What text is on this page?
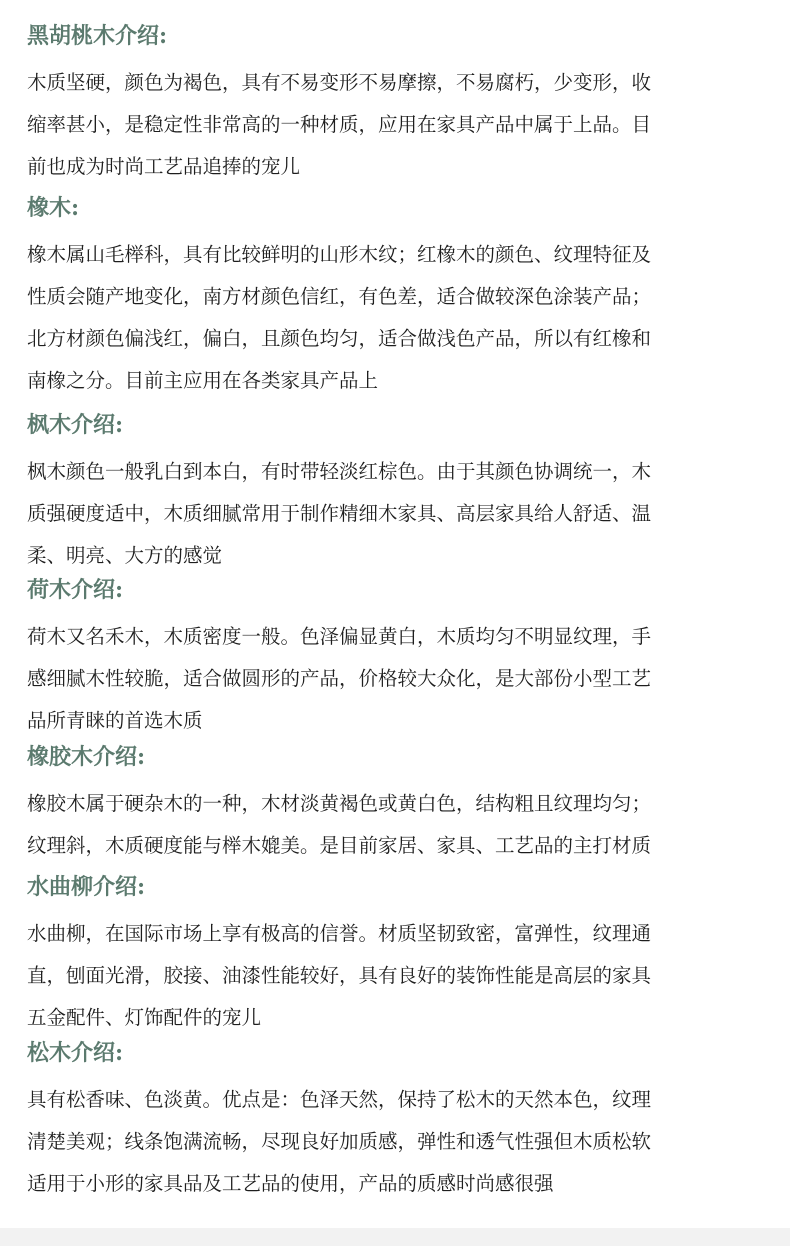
黑胡桃木介绍:
木质坚硬，颜色为褐色，具有不易变形不易摩擦，不易腐朽，少变形，收
缩率甚小，是稳定性非常高的一种材质，应用在家具产品中属于上品。目
前也成为时尚工艺品追捧的宠儿
橡木:
橡木属山毛榉科，具有比较鲜明的山形木纹；红橡木的颜色、纹理特征及
性质会随产地变化，南方材颜色信红，有色差，适合做较深色涂装产品；
北方材颜色偏浅红，偏白，且颜色均匀，适合做浅色产品，所以有红橡和
南橡之分。目前主应用在各类家具产品上
枫木介绍:
枫木颜色一般乳白到本白，有时带轻淡红棕色。由于其颜色协调统一，木
质强硬度适中，木质细腻常用于制作精细木家具、高层家具给人舒适、温
柔、明亮、大方的感觉
荷木介绍:
荷木又名禾木，木质密度一般。色泽偏显黄白，木质均匀不明显纹理，手
感细腻木性较脆，适合做圆形的产品，价格较大众化，是大部份小型工艺
品所青睐的首选木质
橡胶木介绍:
橡胶木属于硬杂木的一种，木材淡黄褐色或黄白色，结构粗且纹理均匀；
纹理斜，木质硬度能与榉木媲美。是目前家居、家具、工艺品的主打材质
水曲柳介绍:
水曲柳，在国际市场上享有极高的信誉。材质坚韧致密，富弹性，纹理通
直，刨面光滑，胶接、油漆性能较好，具有良好的装饰性能是高层的家具
五金配件、灯饰配件的宠儿
松木介绍:
具有松香味、色淡黄。优点是：色泽天然，保持了松木的天然本色，纹理
清楚美观；线条饱满流畅，尽现良好加质感，弹性和透气性强但木质松软
适用于小形的家具品及工艺品的使用，产品的质感时尚感很强
